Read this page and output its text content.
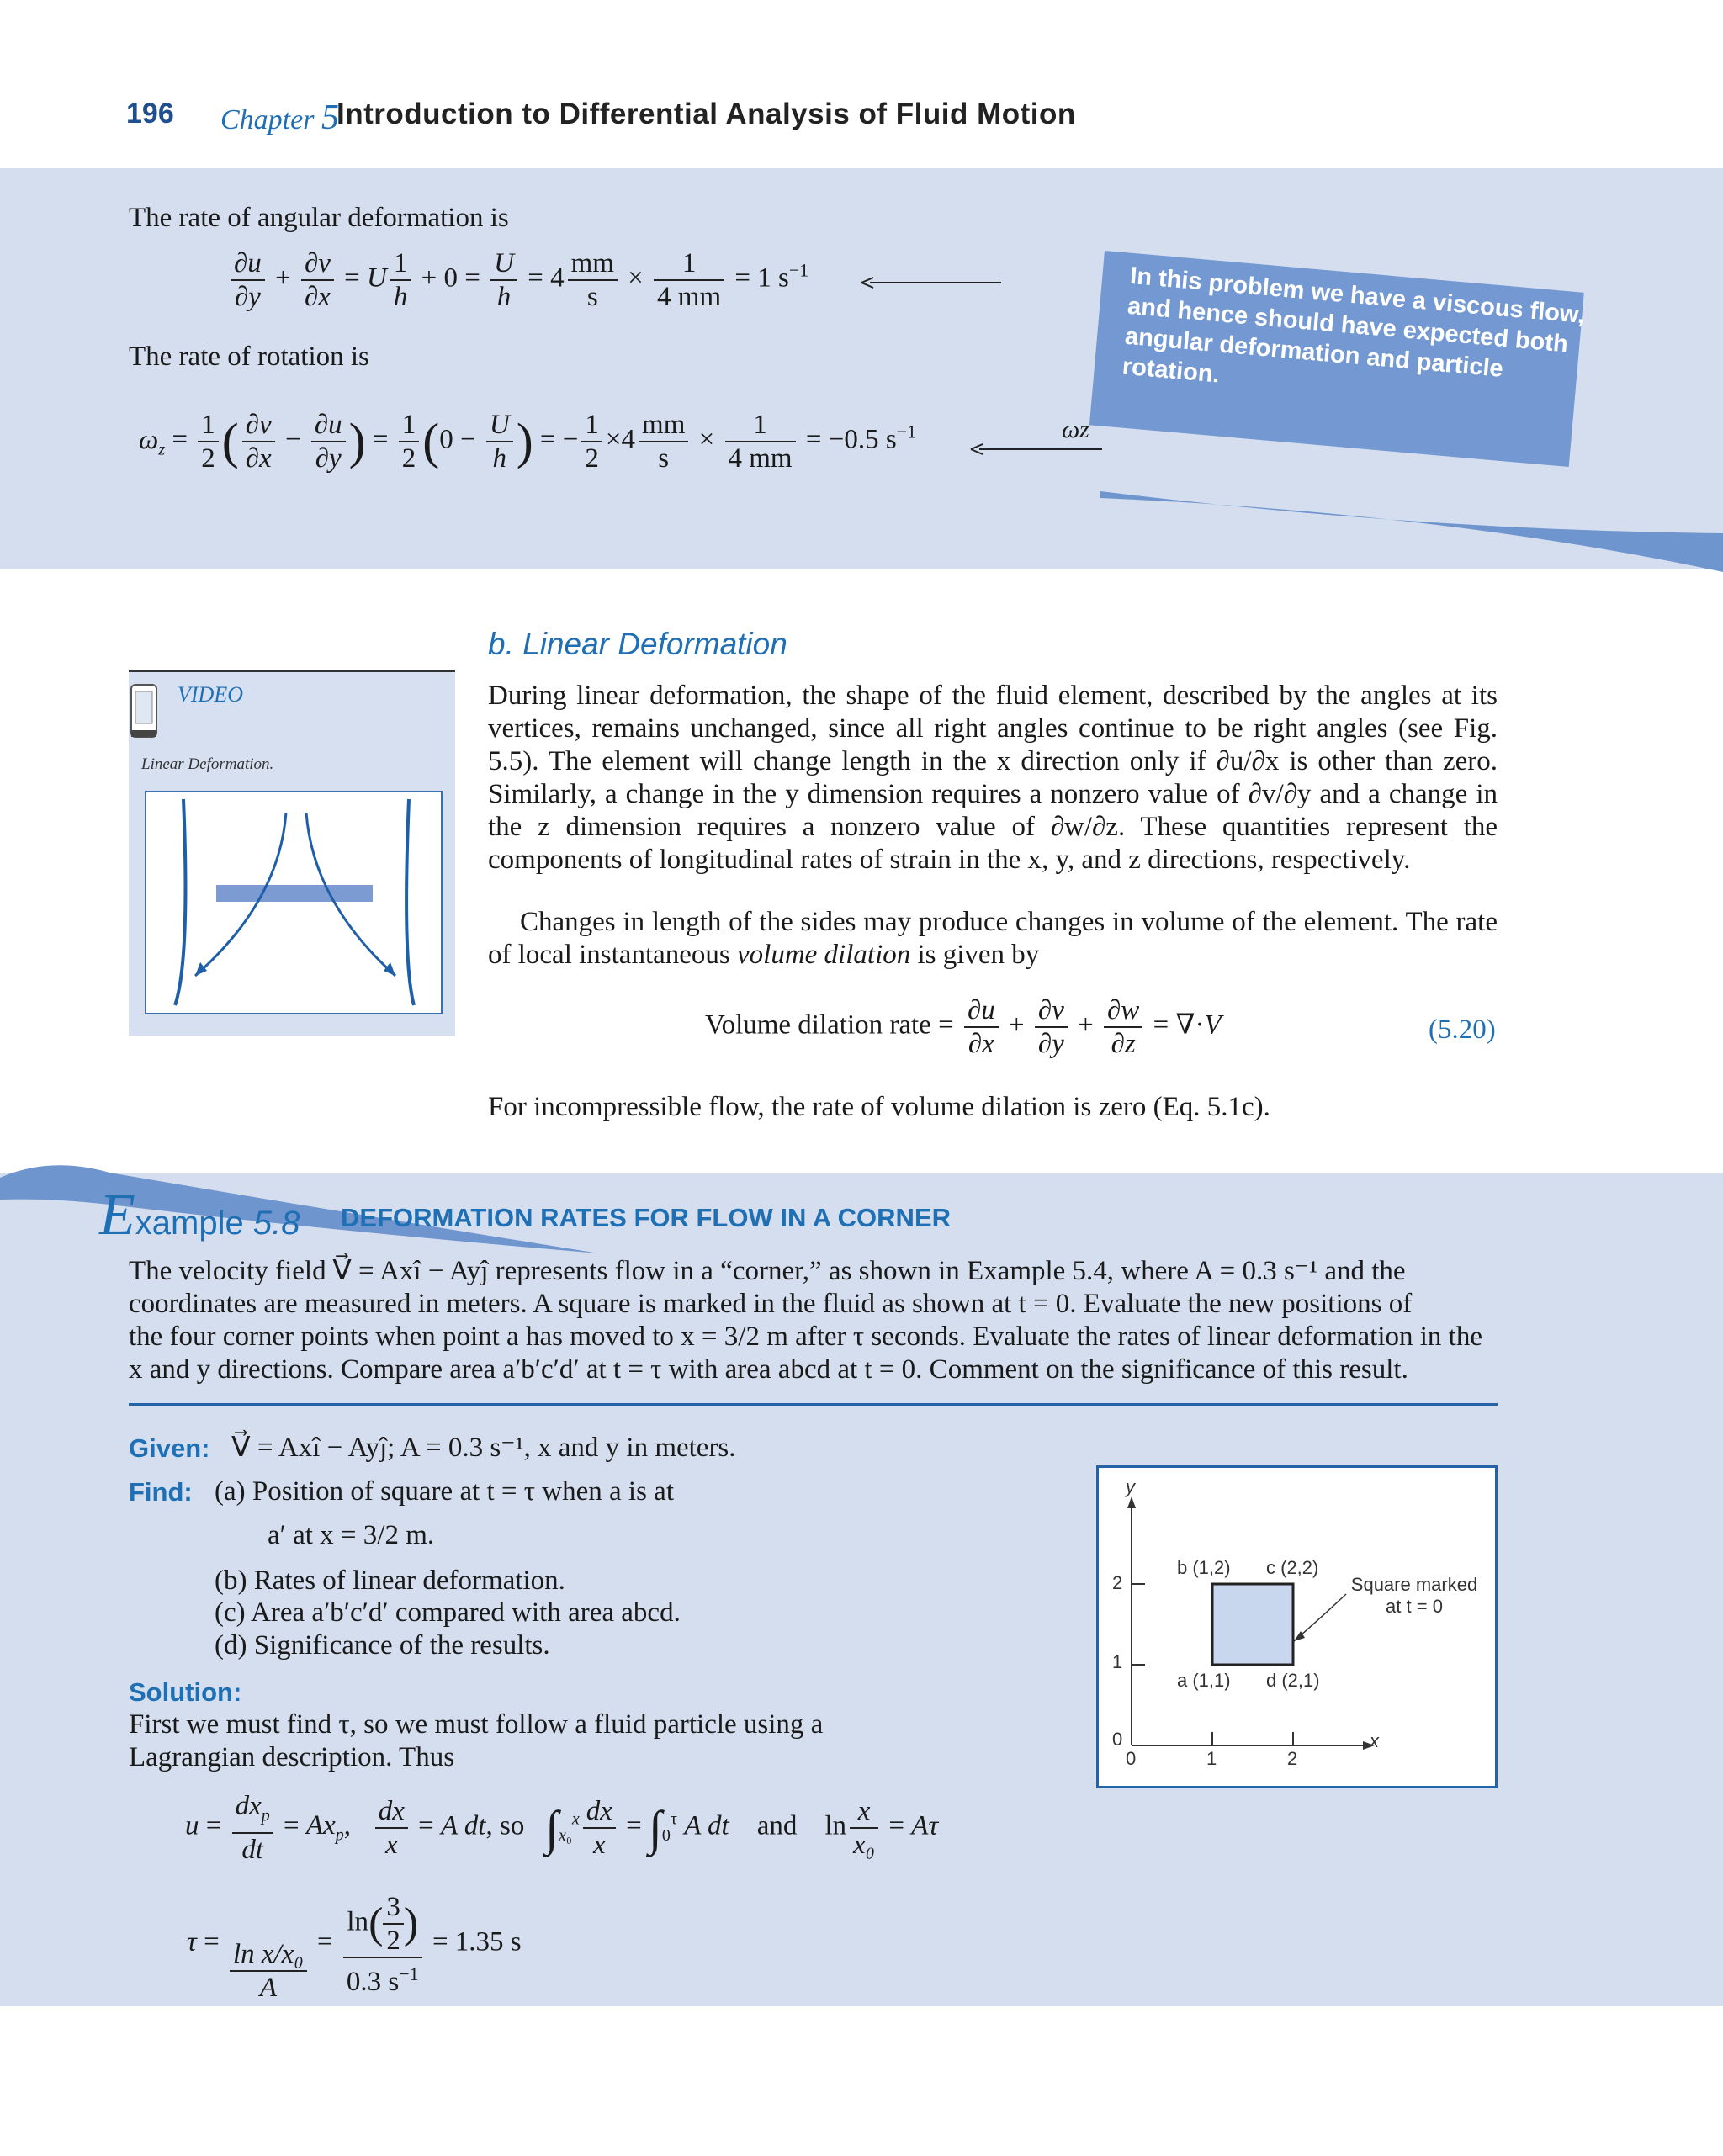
196 Chapter 5
Introduction to Differential Analysis of Fluid Motion
The rate of angular deformation is
$\frac{\partial u}{\partial y} + \frac{\partial v}{\partial x} = U \frac{1}{h} + 0 = \frac{U}{h} = 4 \frac{mm}{s} \times \frac{1}{4 mm} = 1$ $s^{-1}$
The rate of rotation is
$\omega_z = \frac{1}{2}$ ( $\frac{\partial v}{\partial x} - \frac{\partial u}{\partial y}$ ) = $\frac{1}{2} (0 - \frac{U}{h}$ ) = − $\frac{1}{2} \times 4 \frac{mm}{s} \times \frac{1}{4 mm} = -0.5$ $s^{-1}$	ωz
In this problem we have a viscous flow, and hence should have expected both angular deformation and particle rotation.
VIDEO
Linear Deformation.
b. Linear Deformation
During linear deformation, the shape of the fluid element, described by the angles at its vertices, remains unchanged, since all right angles continue to be right angles (see Fig. 5.5). The element will change length in the x direction only if ∂u/∂x is other than zero. Similarly, a change in the y dimension requires a nonzero value of ∂v/∂y and a change in the z dimension requires a nonzero value of ∂w/∂z. These quantities represent the components of longitudinal rates of strain in the x, y, and z directions, respectively.
Changes in length of the sides may produce changes in volume of the element. The rate of local instantaneous volume dilation is given by
Volume dilation rate = $\frac{\partial u}{\partial x} + \frac{\partial v}{\partial y} + \frac{\partial w}{\partial z}$ = ∇·V⃗	(5.20)
For incompressible flow, the rate of volume dilation is zero (Eq. 5.1c).
Example 5.8 DEFORMATION RATES FOR FLOW IN A CORNER
The velocity field V⃗ = Axî − Ayĵ represents flow in a “corner,” as shown in Example 5.4, where A = 0.3 s⁻¹ and the
coordinates are measured in meters. A square is marked in the fluid as shown at t = 0. Evaluate the new positions of
the four corner points when point a has moved to x = 3/2 m after τ seconds. Evaluate the rates of linear deformation in the
x and y directions. Compare area a′b′c′d′ at t = τ with area abcd at t = 0. Comment on the significance of this result.
Given: V⃗ = Axî − Ayĵ; A = 0.3 s⁻¹, x and y in meters.
Find: (a) Position of square at t = τ when a is at
a′ at x = 3/2 m.
(b) Rates of linear deformation.
(c) Area a′b′c′d′ compared with area abcd.
(d) Significance of the results.
Solution:
First we must find τ, so we must follow a fluid particle using a
Lagrangian description. Thus
$u = \frac{dx_p}{dt} = Ax_p$, $\frac{dx}{x} = A$ dt, so $\int_{x_0}^x \frac{dx}{x} = \int_0^\tau$ A dt and    $\ln \frac{x}{\text{x₀}} = A\tau$
$\tau = \frac{\text{ln x/x₀}}{A} = \frac{\ln( \frac{3}{2} )}{0.3 s^{-1}} = 1.35$ s
y
x
0
1
2
0	1	2
b (1,2) c (2,2)
a (1,1) d (2,1)
Square marked
at t = 0
